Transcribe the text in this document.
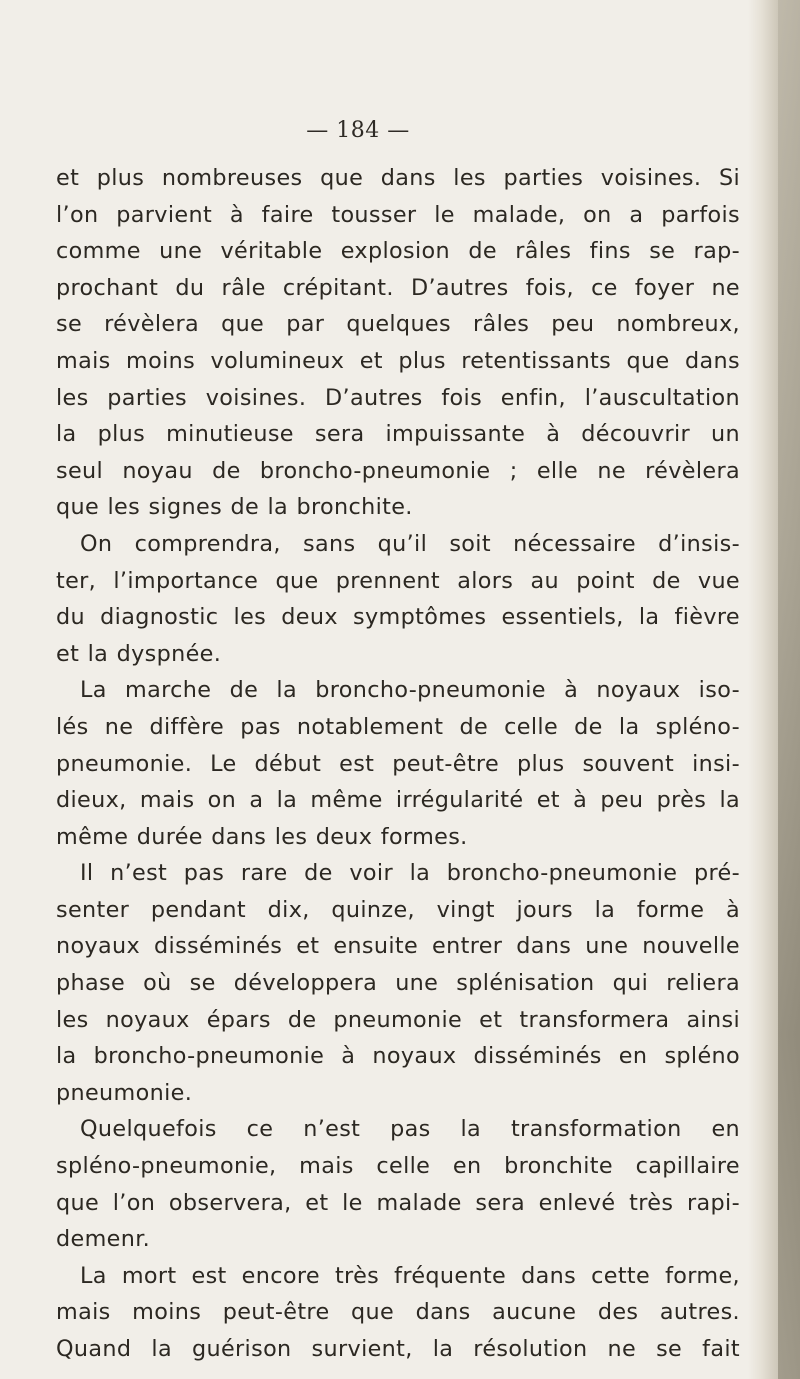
— 184 —
et plus nombreuses que dans les parties voisines. Si
l’on parvient à faire tousser le malade, on a parfois
comme une véritable explosion de râles fins se rap-
prochant du râle crépitant. D’autres fois, ce foyer ne
se révèlera que par quelques râles peu nombreux,
mais moins volumineux et plus retentissants que dans
les parties voisines. D’autres fois enfin, l’auscultation
la plus minutieuse sera impuissante à découvrir un
seul noyau de broncho-pneumonie ; elle ne révèlera
que les signes de la bronchite.
On comprendra, sans qu’il soit nécessaire d’insis-
ter, l’importance que prennent alors au point de vue
du diagnostic les deux symptômes essentiels, la fièvre
et la dyspnée.
La marche de la broncho-pneumonie à noyaux iso-
lés ne diffère pas notablement de celle de la spléno-
pneumonie. Le début est peut-être plus souvent insi-
dieux, mais on a la même irrégularité et à peu près la
même durée dans les deux formes.
Il n’est pas rare de voir la broncho-pneumonie pré-
senter pendant dix, quinze, vingt jours la forme à
noyaux disséminés et ensuite entrer dans une nouvelle
phase où se développera une splénisation qui reliera
les noyaux épars de pneumonie et transformera ainsi
la broncho-pneumonie à noyaux disséminés en spléno
pneumonie.
Quelquefois ce n’est pas la transformation en
spléno-pneumonie, mais celle en bronchite capillaire
que l’on observera, et le malade sera enlevé très rapi-
demenr.
La mort est encore très fréquente dans cette forme,
mais moins peut-être que dans aucune des autres.
Quand la guérison survient, la résolution ne se fait
